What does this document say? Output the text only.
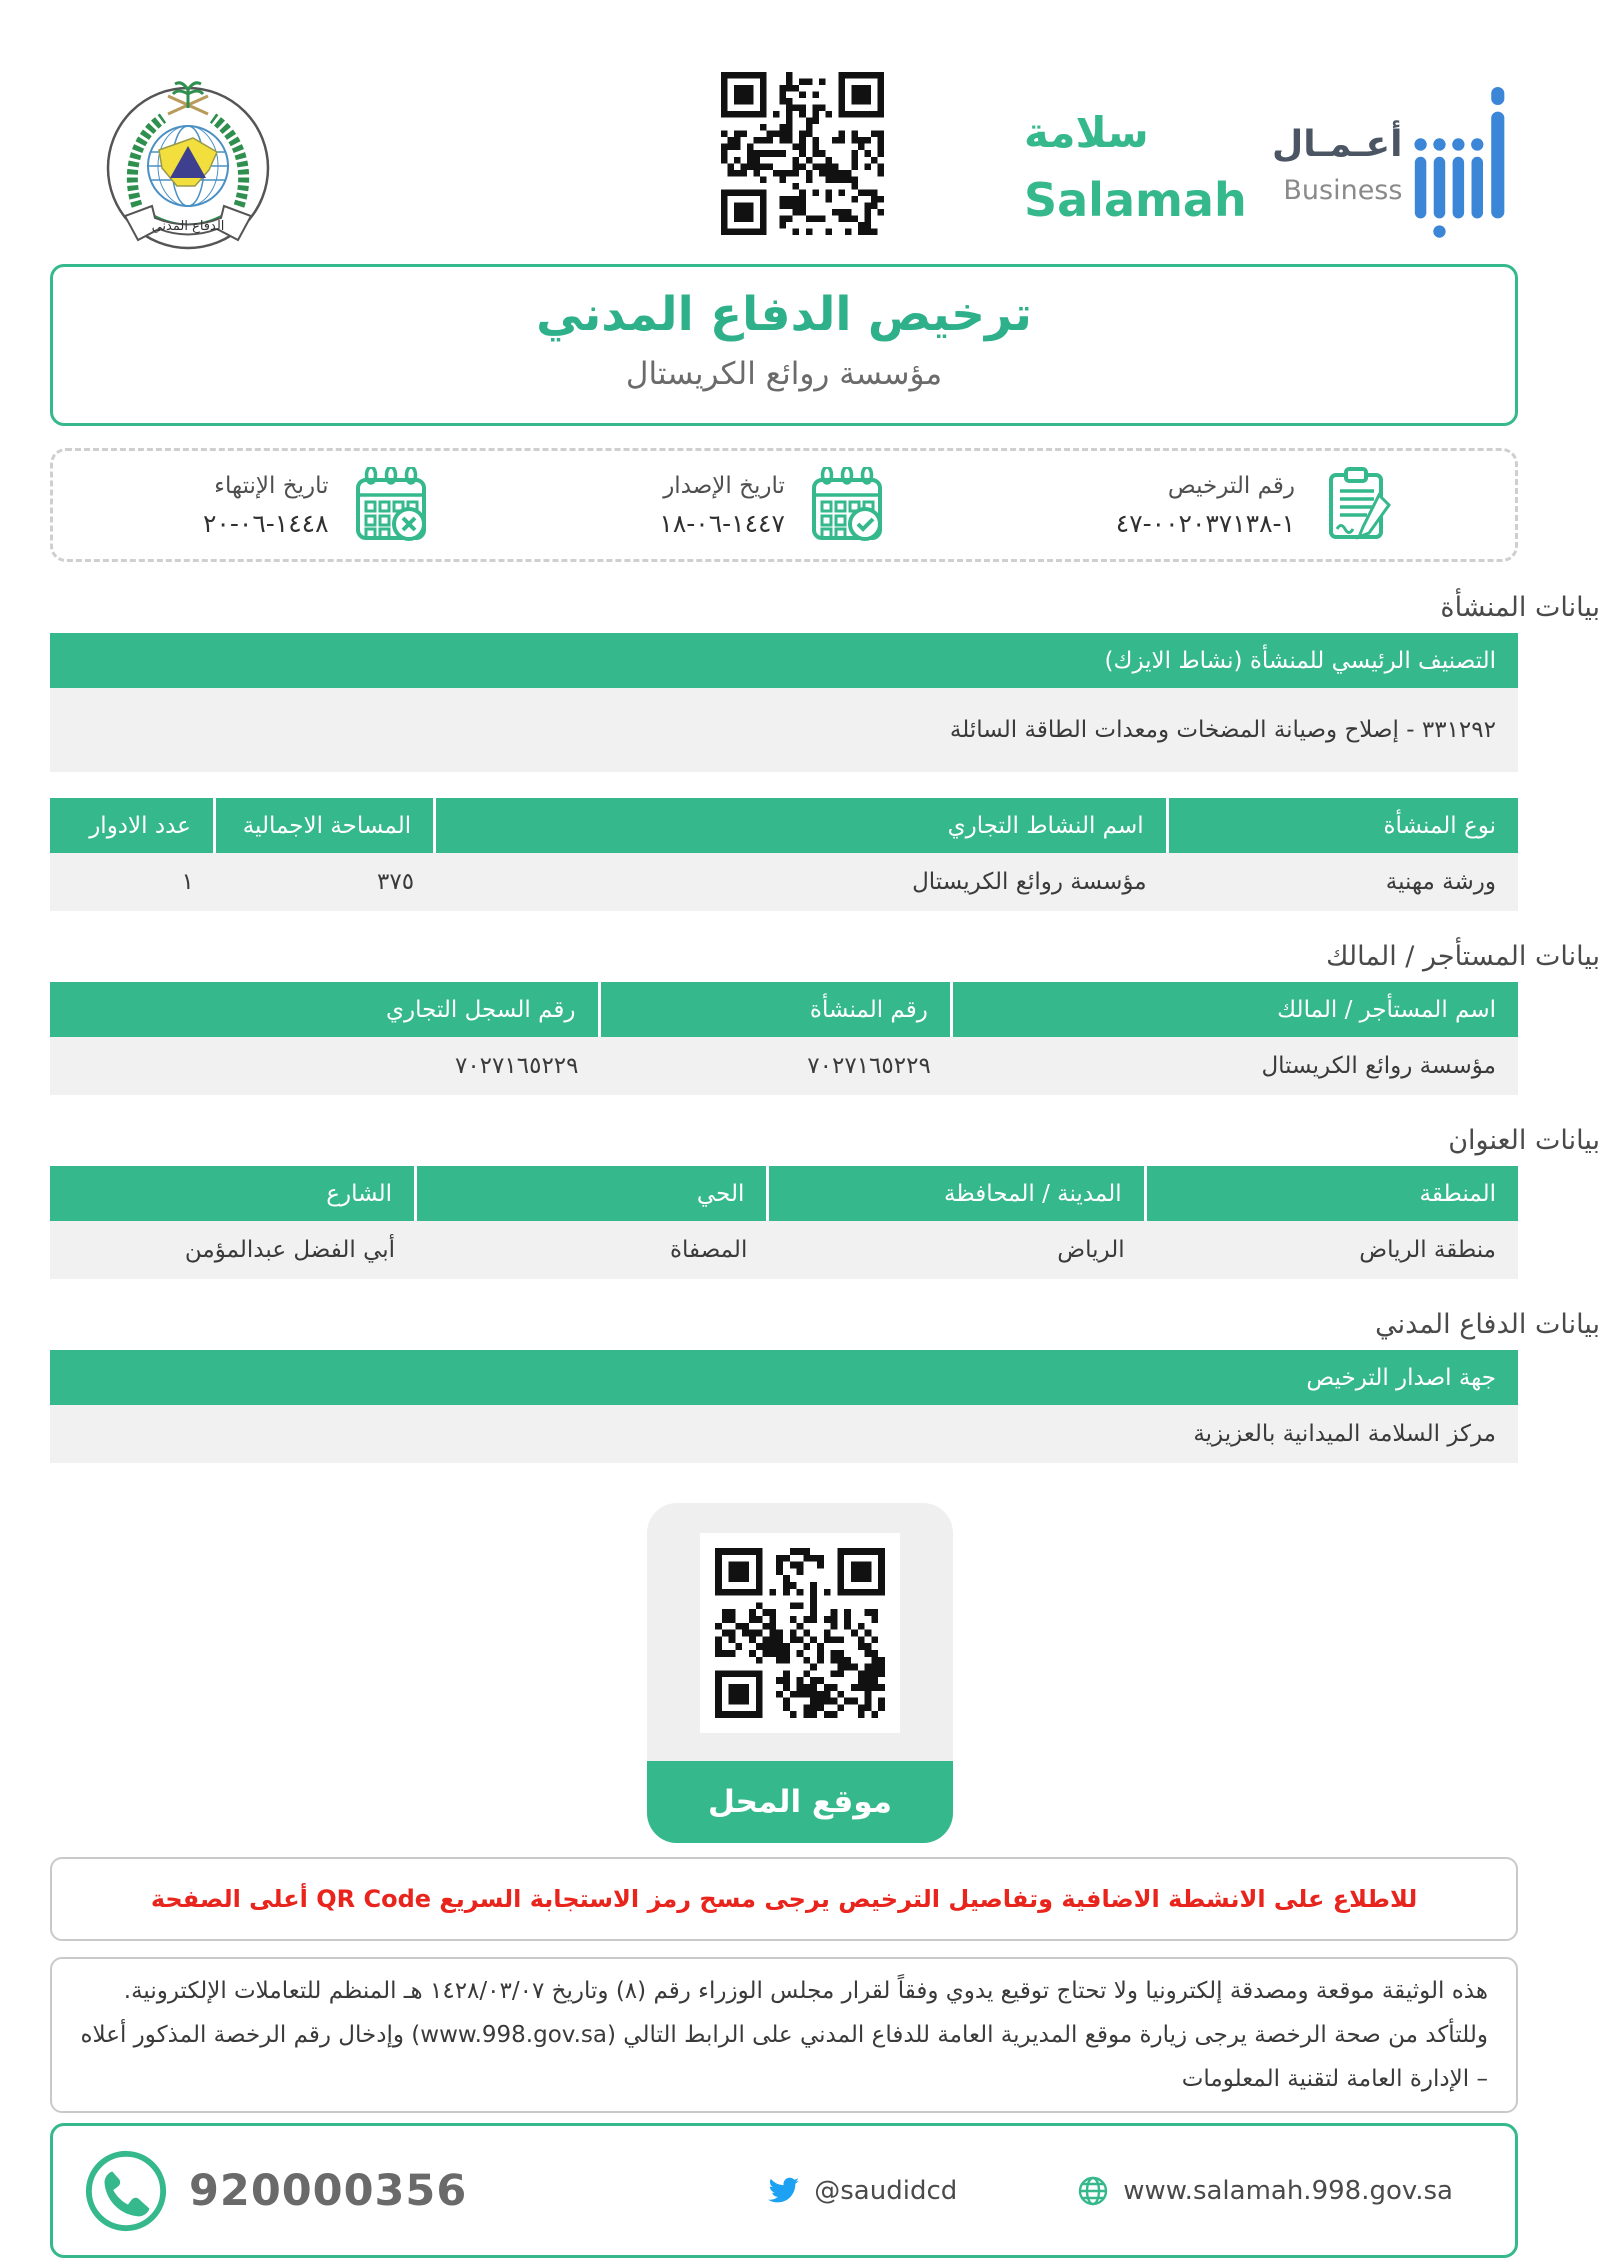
الدفاع المدني
سلامة
Salamah
أعـمـال
Business
ترخيص الدفاع المدني
مؤسسة روائع الكريستال
رقم الترخيص
١-٠٠٢٠٣٧١٣٨-٤٧
تاريخ الإصدار
١٤٤٧-٠٦-١٨
تاريخ الإنتهاء
١٤٤٨-٠٦-٢٠
بيانات المنشأة
التصنيف الرئيسي للمنشأة (نشاط الايزك)
٣٣١٢٩٢ - إصلاح وصيانة المضخات ومعدات الطاقة السائلة
نوع المنشأة
اسم النشاط التجاري
المساحة الاجمالية
عدد الادوار
ورشة مهنية
مؤسسة روائع الكريستال
٣٧٥
١
بيانات المستأجر / المالك
اسم المستأجر / المالك
رقم المنشأة
رقم السجل التجاري
مؤسسة روائع الكريستال
٧٠٢٧١٦٥٢٢٩
٧٠٢٧١٦٥٢٢٩
بيانات العنوان
المنطقة
المدينة / المحافظة
الحي
الشارع
منطقة الرياض
الرياض
المصفاة
أبي الفضل عبدالمؤمن
بيانات الدفاع المدني
جهة اصدار الترخيص
مركز السلامة الميدانية بالعزيزية
موقع المحل

للاطلاع على الانشطة الاضافية وتفاصيل الترخيص يرجى مسح رمز الاستجابة السريع QR Code أعلى الصفحة

هذه الوثيقة موقعة ومصدقة إلكترونيا ولا تحتاج توقيع يدوي وفقاً لقرار مجلس الوزراء رقم (٨) وتاريخ ١٤٢٨/٠٣/٠٧ هـ المنظم للتعاملات الإلكترونية. وللتأكد من صحة الرخصة يرجى زيارة موقع المديرية العامة للدفاع المدني على الرابط التالي (www.998.gov.sa) وإدخال رقم الرخصة المذكور أعلاه – الإدارة العامة لتقنية المعلومات

920000356	@saudidcd	www.salamah.998.gov.sa
